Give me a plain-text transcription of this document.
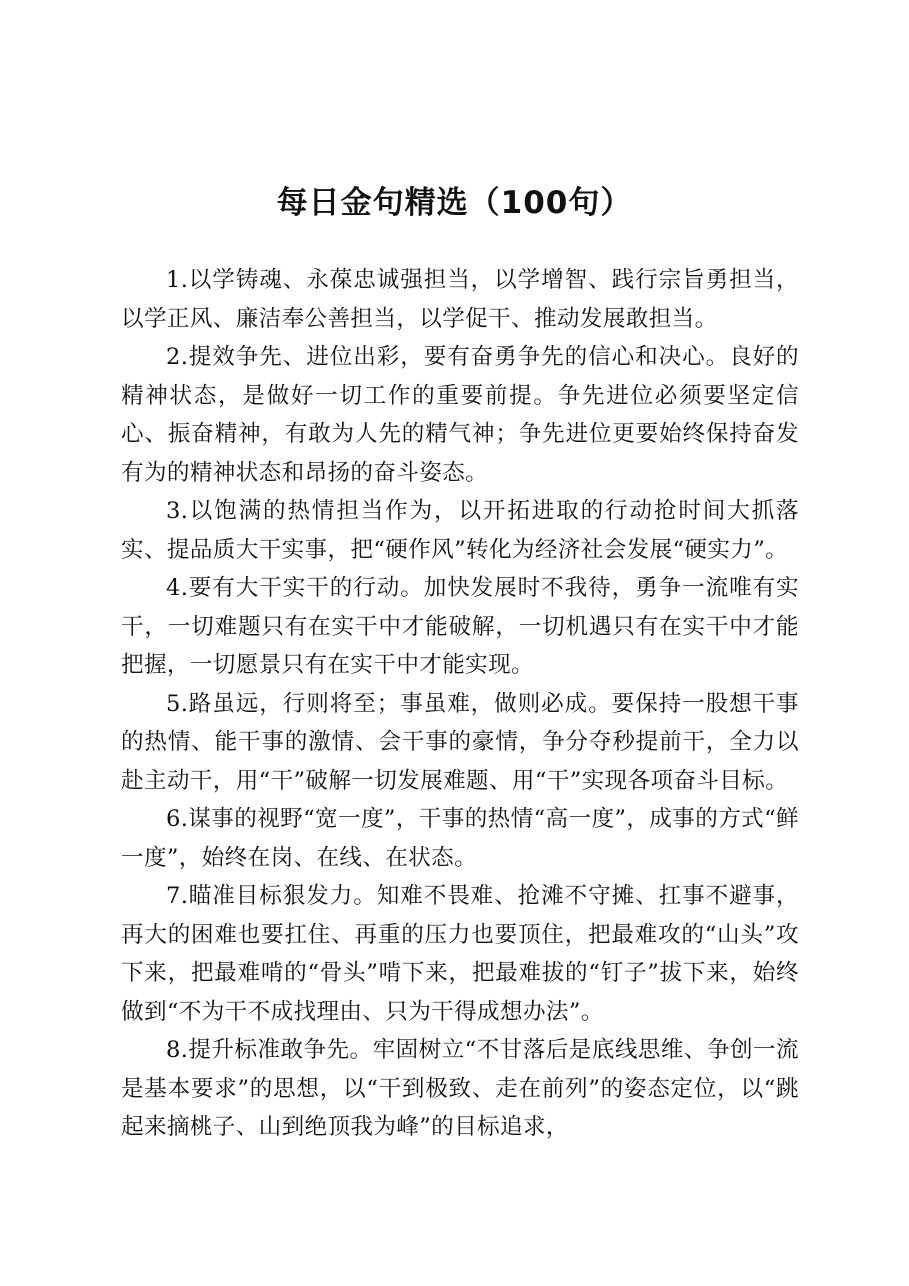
每日金句精选（100句）

1.以学铸魂、永葆忠诚强担当，以学增智、践行宗旨勇担当，以学正风、廉洁奉公善担当，以学促干、推动发展敢担当。

2.提效争先、进位出彩，要有奋勇争先的信心和决心。良好的精神状态，是做好一切工作的重要前提。争先进位必须要坚定信心、振奋精神，有敢为人先的精气神；争先进位更要始终保持奋发有为的精神状态和昂扬的奋斗姿态。

3.以饱满的热情担当作为，以开拓进取的行动抢时间大抓落实、提品质大干实事，把“硬作风”转化为经济社会发展“硬实力”。

4.要有大干实干的行动。加快发展时不我待，勇争一流唯有实干，一切难题只有在实干中才能破解，一切机遇只有在实干中才能把握，一切愿景只有在实干中才能实现。

5.路虽远，行则将至；事虽难，做则必成。要保持一股想干事的热情、能干事的激情、会干事的豪情，争分夺秒提前干，全力以赴主动干，用“干”破解一切发展难题、用“干”实现各项奋斗目标。

6.谋事的视野“宽一度”，干事的热情“高一度”，成事的方式“鲜一度”，始终在岗、在线、在状态。

7.瞄准目标狠发力。知难不畏难、抢滩不守摊、扛事不避事，再大的困难也要扛住、再重的压力也要顶住，把最难攻的“山头”攻下来，把最难啃的“骨头”啃下来，把最难拔的“钉子”拔下来，始终做到“不为干不成找理由、只为干得成想办法”。

8.提升标准敢争先。牢固树立“不甘落后是底线思维、争创一流是基本要求”的思想，以“干到极致、走在前列”的姿态定位，以“跳起来摘桃子、山到绝顶我为峰”的目标追求，
